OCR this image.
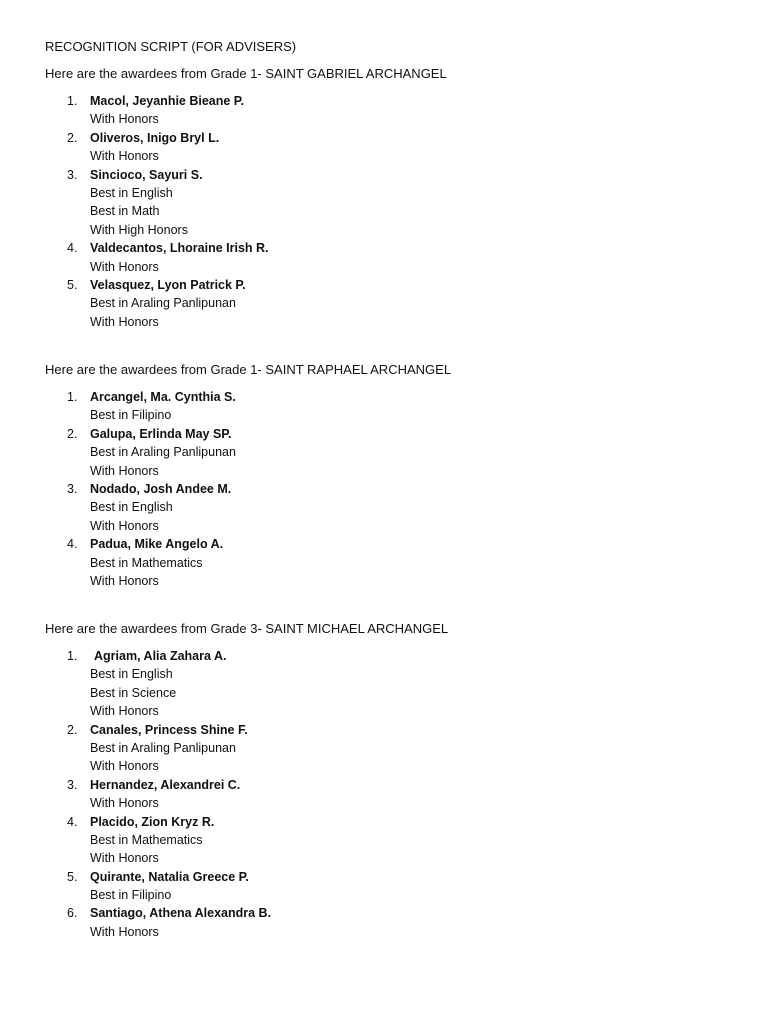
RECOGNITION SCRIPT (FOR ADVISERS)
Here are the awardees from Grade 1- SAINT GABRIEL ARCHANGEL
1.	Macol, Jeyanhie Bieane P.
With Honors
2.	Oliveros, Inigo Bryl L.
With Honors
3.	Sincioco, Sayuri S.
Best in English
Best in Math
With High Honors
4.	Valdecantos, Lhoraine Irish R.
With Honors
5.	Velasquez, Lyon Patrick P.
Best in Araling Panlipunan
With Honors
Here are the awardees from Grade 1- SAINT RAPHAEL ARCHANGEL
1.	Arcangel, Ma. Cynthia S.
Best in Filipino
2.	Galupa, Erlinda May SP.
Best in Araling Panlipunan
With Honors
3.	Nodado, Josh Andee M.
Best in English
With Honors
4.	Padua, Mike Angelo A.
Best in Mathematics
With Honors
Here are the awardees from Grade 3- SAINT MICHAEL ARCHANGEL
1.	Agriam, Alia Zahara A.
Best in English
Best in Science
With Honors
2.	Canales, Princess Shine F.
Best in Araling Panlipunan
With Honors
3.	Hernandez, Alexandrei C.
With Honors
4.	Placido, Zion Kryz R.
Best in Mathematics
With Honors
5.	Quirante, Natalia Greece P.
Best in Filipino
6.	Santiago, Athena Alexandra B.
With Honors
